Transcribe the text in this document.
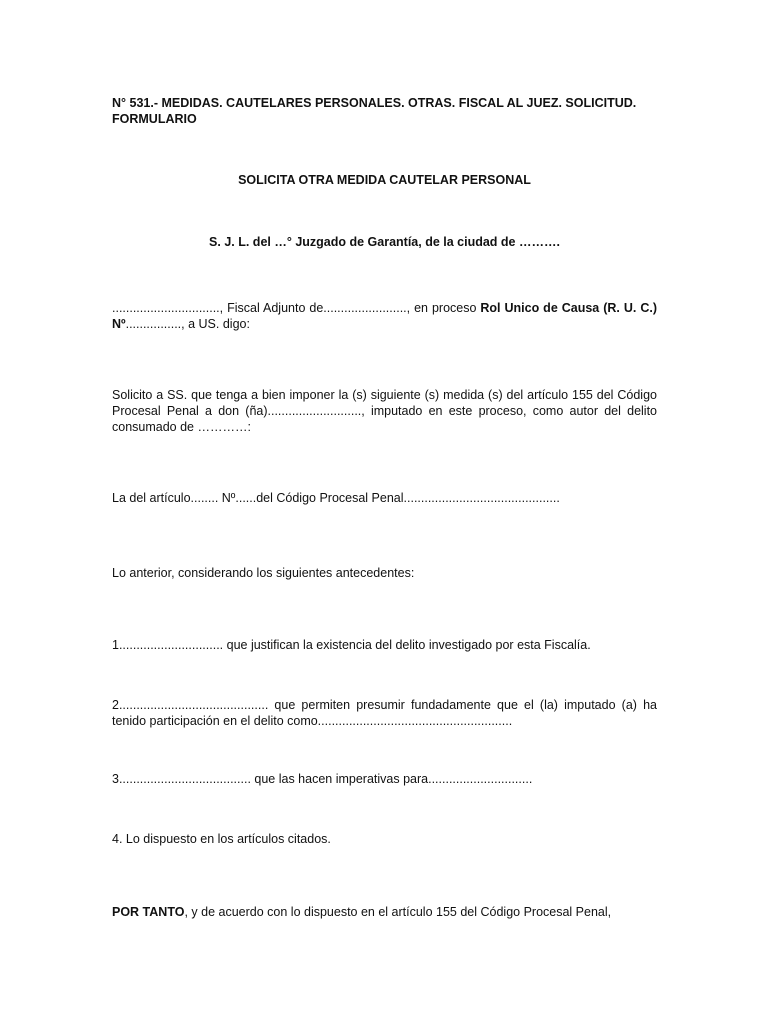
N° 531.- MEDIDAS. CAUTELARES PERSONALES. OTRAS. FISCAL AL JUEZ. SOLICITUD. FORMULARIO
SOLICITA OTRA MEDIDA CAUTELAR PERSONAL
S. J. L. del …° Juzgado de Garantía, de la ciudad de ……….
..............................., Fiscal Adjunto de........................, en proceso Rol Unico de Causa (R. U. C.) Nº................, a US. digo:
Solicito a SS. que tenga a bien imponer la (s) siguiente (s) medida (s) del artículo 155 del Código Procesal Penal a don (ña)..........................., imputado en este proceso, como autor del delito consumado de …………:
La del artículo........ Nº......del Código Procesal Penal.............................................
Lo anterior, considerando los siguientes antecedentes:
1.............................. que justifican la existencia del delito investigado por esta Fiscalía.
2........................................... que permiten presumir fundadamente que el (la) imputado (a) ha tenido participación en el delito como........................................................
3...................................... que las hacen imperativas para..............................
4. Lo dispuesto en los artículos citados.
POR TANTO, y de acuerdo con lo dispuesto en el artículo 155 del Código Procesal Penal,
